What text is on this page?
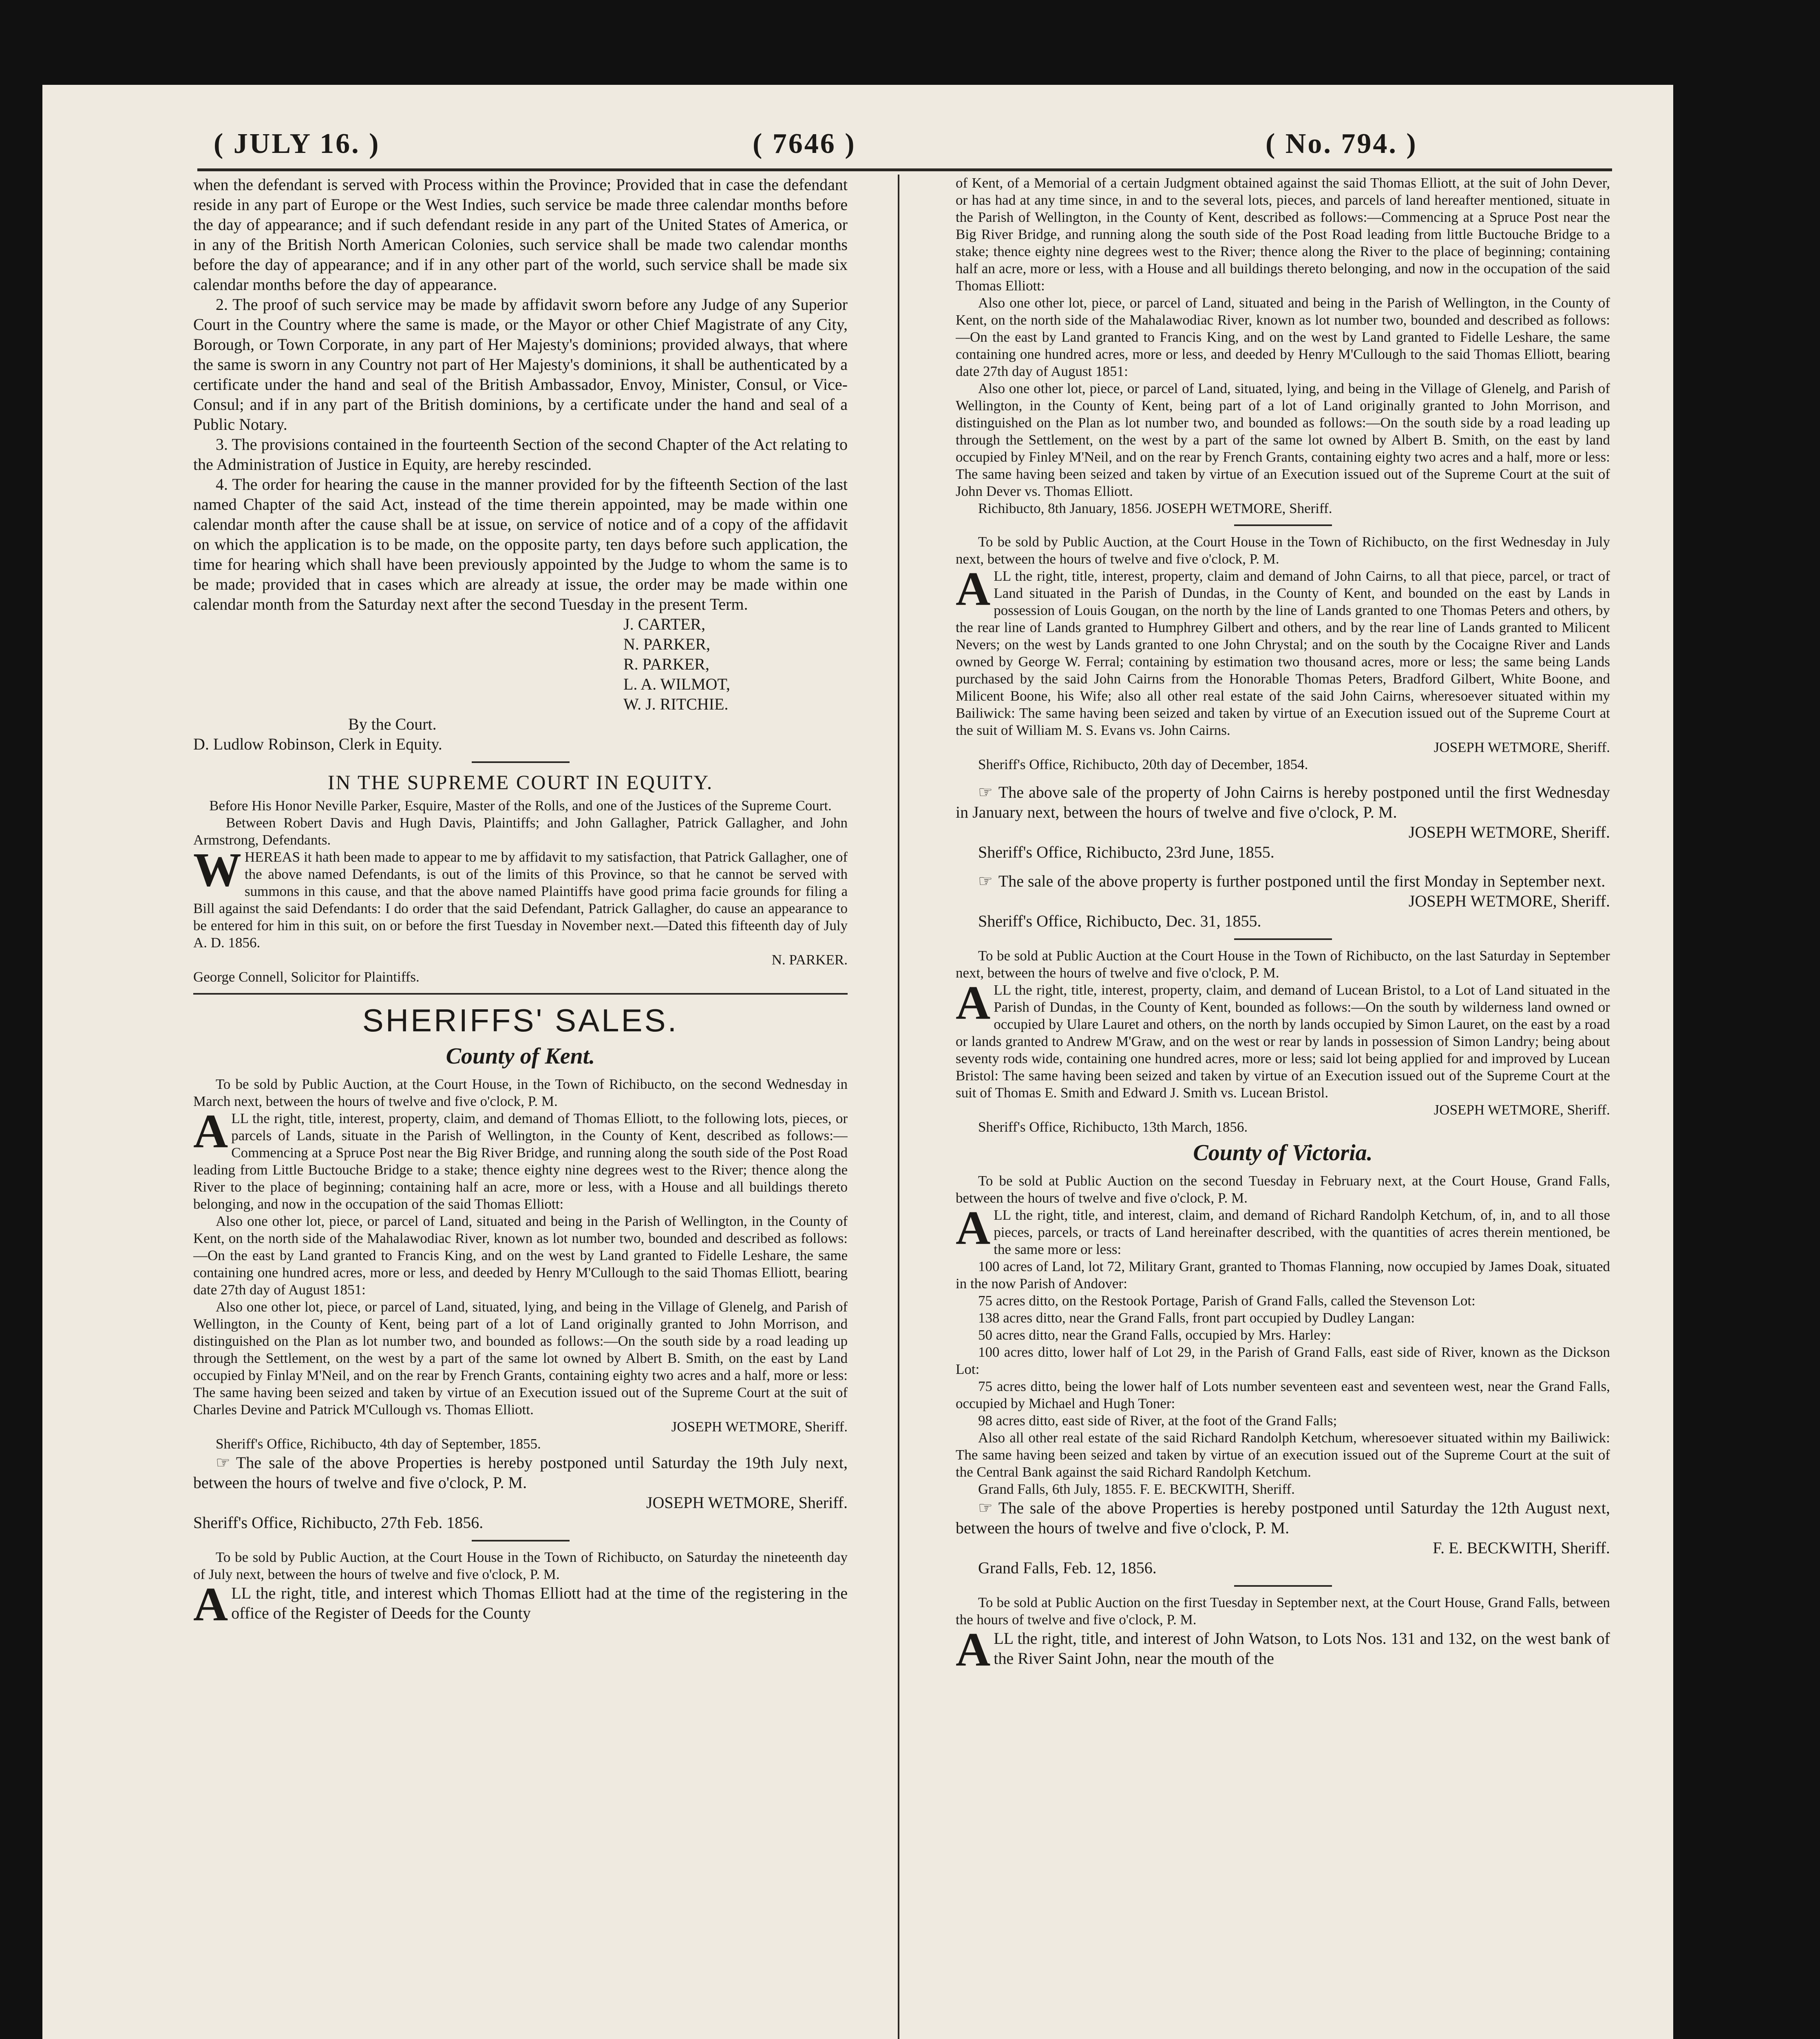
( JULY 16. )	( 7646 )	( No. 794. )

when the defendant is served with Process within the Province; Provided that in case the defendant reside in any part of Europe or the West Indies, such service be made three calendar months before the day of appearance; and if such defendant reside in any part of the United States of America, or in any of the British North American Colonies, such service shall be made two calendar months before the day of appearance; and if in any other part of the world, such service shall be made six calendar months before the day of appearance.

2. The proof of such service may be made by affidavit sworn before any Judge of any Superior Court in the Country where the same is made, or the Mayor or other Chief Magistrate of any City, Borough, or Town Corporate, in any part of Her Majesty's dominions; provided always, that where the same is sworn in any Country not part of Her Majesty's dominions, it shall be authenticated by a certificate under the hand and seal of the British Ambassador, Envoy, Minister, Consul, or Vice-Consul; and if in any part of the British dominions, by a certificate under the hand and seal of a Public Notary.

3. The provisions contained in the fourteenth Section of the second Chapter of the Act relating to the Administration of Justice in Equity, are hereby rescinded.

4. The order for hearing the cause in the manner provided for by the fifteenth Section of the last named Chapter of the said Act, instead of the time therein appointed, may be made within one calendar month after the cause shall be at issue, on service of notice and of a copy of the affidavit on which the application is to be made, on the opposite party, ten days before such application, the time for hearing which shall have been previously appointed by the Judge to whom the same is to be made; provided that in cases which are already at issue, the order may be made within one calendar month from the Saturday next after the second Tuesday in the present Term.

J. CARTER,

N. PARKER,

R. PARKER,

L. A. WILMOT,

W. J. RITCHIE.

By the Court.

D. Ludlow Robinson, Clerk in Equity.

IN THE SUPREME COURT IN EQUITY.

Before His Honor Neville Parker, Esquire, Master of the Rolls, and one of the Justices of the Supreme Court.

Between Robert Davis and Hugh Davis, Plaintiffs; and John Gallagher, Patrick Gallagher, and John Armstrong, Defendants.

W HEREAS it hath been made to appear to me by affidavit to my satisfaction, that Patrick Gallagher, one of the above named Defendants, is out of the limits of this Province, so that he cannot be served with summons in this cause, and that the above named Plaintiffs have good prima facie grounds for filing a Bill against the said Defendants: I do order that the said Defendant, Patrick Gallagher, do cause an appearance to be entered for him in this suit, on or before the first Tuesday in November next.—Dated this fifteenth day of July A. D. 1856.

N. PARKER.

George Connell, Solicitor for Plaintiffs.

SHERIFFS' SALES.
County of Kent.

To be sold by Public Auction, at the Court House, in the Town of Richibucto, on the second Wednesday in March next, between the hours of twelve and five o'clock, P. M.

A LL the right, title, interest, property, claim, and demand of Thomas Elliott, to the following lots, pieces, or parcels of Lands, situate in the Parish of Wellington, in the County of Kent, described as follows:—Commencing at a Spruce Post near the Big River Bridge, and running along the south side of the Post Road leading from Little Buctouche Bridge to a stake; thence eighty nine degrees west to the River; thence along the River to the place of beginning; containing half an acre, more or less, with a House and all buildings thereto belonging, and now in the occupation of the said Thomas Elliott:

Also one other lot, piece, or parcel of Land, situated and being in the Parish of Wellington, in the County of Kent, on the north side of the Mahalawodiac River, known as lot number two, bounded and described as follows:—On the east by Land granted to Francis King, and on the west by Land granted to Fidelle Leshare, the same containing one hundred acres, more or less, and deeded by Henry M'Cullough to the said Thomas Elliott, bearing date 27th day of August 1851:

Also one other lot, piece, or parcel of Land, situated, lying, and being in the Village of Glenelg, and Parish of Wellington, in the County of Kent, being part of a lot of Land originally granted to John Morrison, and distinguished on the Plan as lot number two, and bounded as follows:—On the south side by a road leading up through the Settlement, on the west by a part of the same lot owned by Albert B. Smith, on the east by Land occupied by Finlay M'Neil, and on the rear by French Grants, containing eighty two acres and a half, more or less: The same having been seized and taken by virtue of an Execution issued out of the Supreme Court at the suit of Charles Devine and Patrick M'Cullough vs. Thomas Elliott.

JOSEPH WETMORE, Sheriff.

Sheriff's Office, Richibucto, 4th day of September, 1855.

☞ The sale of the above Properties is hereby postponed until Saturday the 19th July next, between the hours of twelve and five o'clock, P. M.

JOSEPH WETMORE, Sheriff.

Sheriff's Office, Richibucto, 27th Feb. 1856.

To be sold by Public Auction, at the Court House in the Town of Richibucto, on Saturday the nineteenth day of July next, between the hours of twelve and five o'clock, P. M.

A LL the right, title, and interest which Thomas Elliott had at the time of the registering in the office of the Register of Deeds for the County

of Kent, of a Memorial of a certain Judgment obtained against the said Thomas Elliott, at the suit of John Dever, or has had at any time since, in and to the several lots, pieces, and parcels of land hereafter mentioned, situate in the Parish of Wellington, in the County of Kent, described as follows:—Commencing at a Spruce Post near the Big River Bridge, and running along the south side of the Post Road leading from little Buctouche Bridge to a stake; thence eighty nine degrees west to the River; thence along the River to the place of beginning; containing half an acre, more or less, with a House and all buildings thereto belonging, and now in the occupation of the said Thomas Elliott:

Also one other lot, piece, or parcel of Land, situated and being in the Parish of Wellington, in the County of Kent, on the north side of the Mahalawodiac River, known as lot number two, bounded and described as follows:—On the east by Land granted to Francis King, and on the west by Land granted to Fidelle Leshare, the same containing one hundred acres, more or less, and deeded by Henry M'Cullough to the said Thomas Elliott, bearing date 27th day of August 1851:

Also one other lot, piece, or parcel of Land, situated, lying, and being in the Village of Glenelg, and Parish of Wellington, in the County of Kent, being part of a lot of Land originally granted to John Morrison, and distinguished on the Plan as lot number two, and bounded as follows:—On the south side by a road leading up through the Settlement, on the west by a part of the same lot owned by Albert B. Smith, on the east by land occupied by Finley M'Neil, and on the rear by French Grants, containing eighty two acres and a half, more or less: The same having been seized and taken by virtue of an Execution issued out of the Supreme Court at the suit of John Dever vs. Thomas Elliott.

Richibucto, 8th January, 1856. JOSEPH WETMORE, Sheriff.

To be sold by Public Auction, at the Court House in the Town of Richibucto, on the first Wednesday in July next, between the hours of twelve and five o'clock, P. M.

A LL the right, title, interest, property, claim and demand of John Cairns, to all that piece, parcel, or tract of Land situated in the Parish of Dundas, in the County of Kent, and bounded on the east by Lands in possession of Louis Gougan, on the north by the line of Lands granted to one Thomas Peters and others, by the rear line of Lands granted to Humphrey Gilbert and others, and by the rear line of Lands granted to Milicent Nevers; on the west by Lands granted to one John Chrystal; and on the south by the Cocaigne River and Lands owned by George W. Ferral; containing by estimation two thousand acres, more or less; the same being Lands purchased by the said John Cairns from the Honorable Thomas Peters, Bradford Gilbert, White Boone, and Milicent Boone, his Wife; also all other real estate of the said John Cairns, wheresoever situated within my Bailiwick: The same having been seized and taken by virtue of an Execution issued out of the Supreme Court at the suit of William M. S. Evans vs. John Cairns.

JOSEPH WETMORE, Sheriff.

Sheriff's Office, Richibucto, 20th day of December, 1854.

☞ The above sale of the property of John Cairns is hereby postponed until the first Wednesday in January next, between the hours of twelve and five o'clock, P. M.

JOSEPH WETMORE, Sheriff.

Sheriff's Office, Richibucto, 23rd June, 1855.

☞ The sale of the above property is further postponed until the first Monday in September next.

JOSEPH WETMORE, Sheriff.

Sheriff's Office, Richibucto, Dec. 31, 1855.

To be sold at Public Auction at the Court House in the Town of Richibucto, on the last Saturday in September next, between the hours of twelve and five o'clock, P. M.

A LL the right, title, interest, property, claim, and demand of Lucean Bristol, to a Lot of Land situated in the Parish of Dundas, in the County of Kent, bounded as follows:—On the south by wilderness land owned or occupied by Ulare Lauret and others, on the north by lands occupied by Simon Lauret, on the east by a road or lands granted to Andrew M'Graw, and on the west or rear by lands in possession of Simon Landry; being about seventy rods wide, containing one hundred acres, more or less; said lot being applied for and improved by Lucean Bristol: The same having been seized and taken by virtue of an Execution issued out of the Supreme Court at the suit of Thomas E. Smith and Edward J. Smith vs. Lucean Bristol.

JOSEPH WETMORE, Sheriff.

Sheriff's Office, Richibucto, 13th March, 1856.

County of Victoria.

To be sold at Public Auction on the second Tuesday in February next, at the Court House, Grand Falls, between the hours of twelve and five o'clock, P. M.

A LL the right, title, and interest, claim, and demand of Richard Randolph Ketchum, of, in, and to all those pieces, parcels, or tracts of Land hereinafter described, with the quantities of acres therein mentioned, be the same more or less:

100 acres of Land, lot 72, Military Grant, granted to Thomas Flanning, now occupied by James Doak, situated in the now Parish of Andover:

75 acres ditto, on the Restook Portage, Parish of Grand Falls, called the Stevenson Lot:

138 acres ditto, near the Grand Falls, front part occupied by Dudley Langan:

50 acres ditto, near the Grand Falls, occupied by Mrs. Harley:

100 acres ditto, lower half of Lot 29, in the Parish of Grand Falls, east side of River, known as the Dickson Lot:

75 acres ditto, being the lower half of Lots number seventeen east and seventeen west, near the Grand Falls, occupied by Michael and Hugh Toner:

98 acres ditto, east side of River, at the foot of the Grand Falls;

Also all other real estate of the said Richard Randolph Ketchum, wheresoever situated within my Bailiwick: The same having been seized and taken by virtue of an execution issued out of the Supreme Court at the suit of the Central Bank against the said Richard Randolph Ketchum.

Grand Falls, 6th July, 1855. F. E. BECKWITH, Sheriff.

☞ The sale of the above Properties is hereby postponed until Saturday the 12th August next, between the hours of twelve and five o'clock, P. M.

F. E. BECKWITH, Sheriff.

Grand Falls, Feb. 12, 1856.

To be sold at Public Auction on the first Tuesday in September next, at the Court House, Grand Falls, between the hours of twelve and five o'clock, P. M.

A LL the right, title, and interest of John Watson, to Lots Nos. 131 and 132, on the west bank of the River Saint John, near the mouth of the
